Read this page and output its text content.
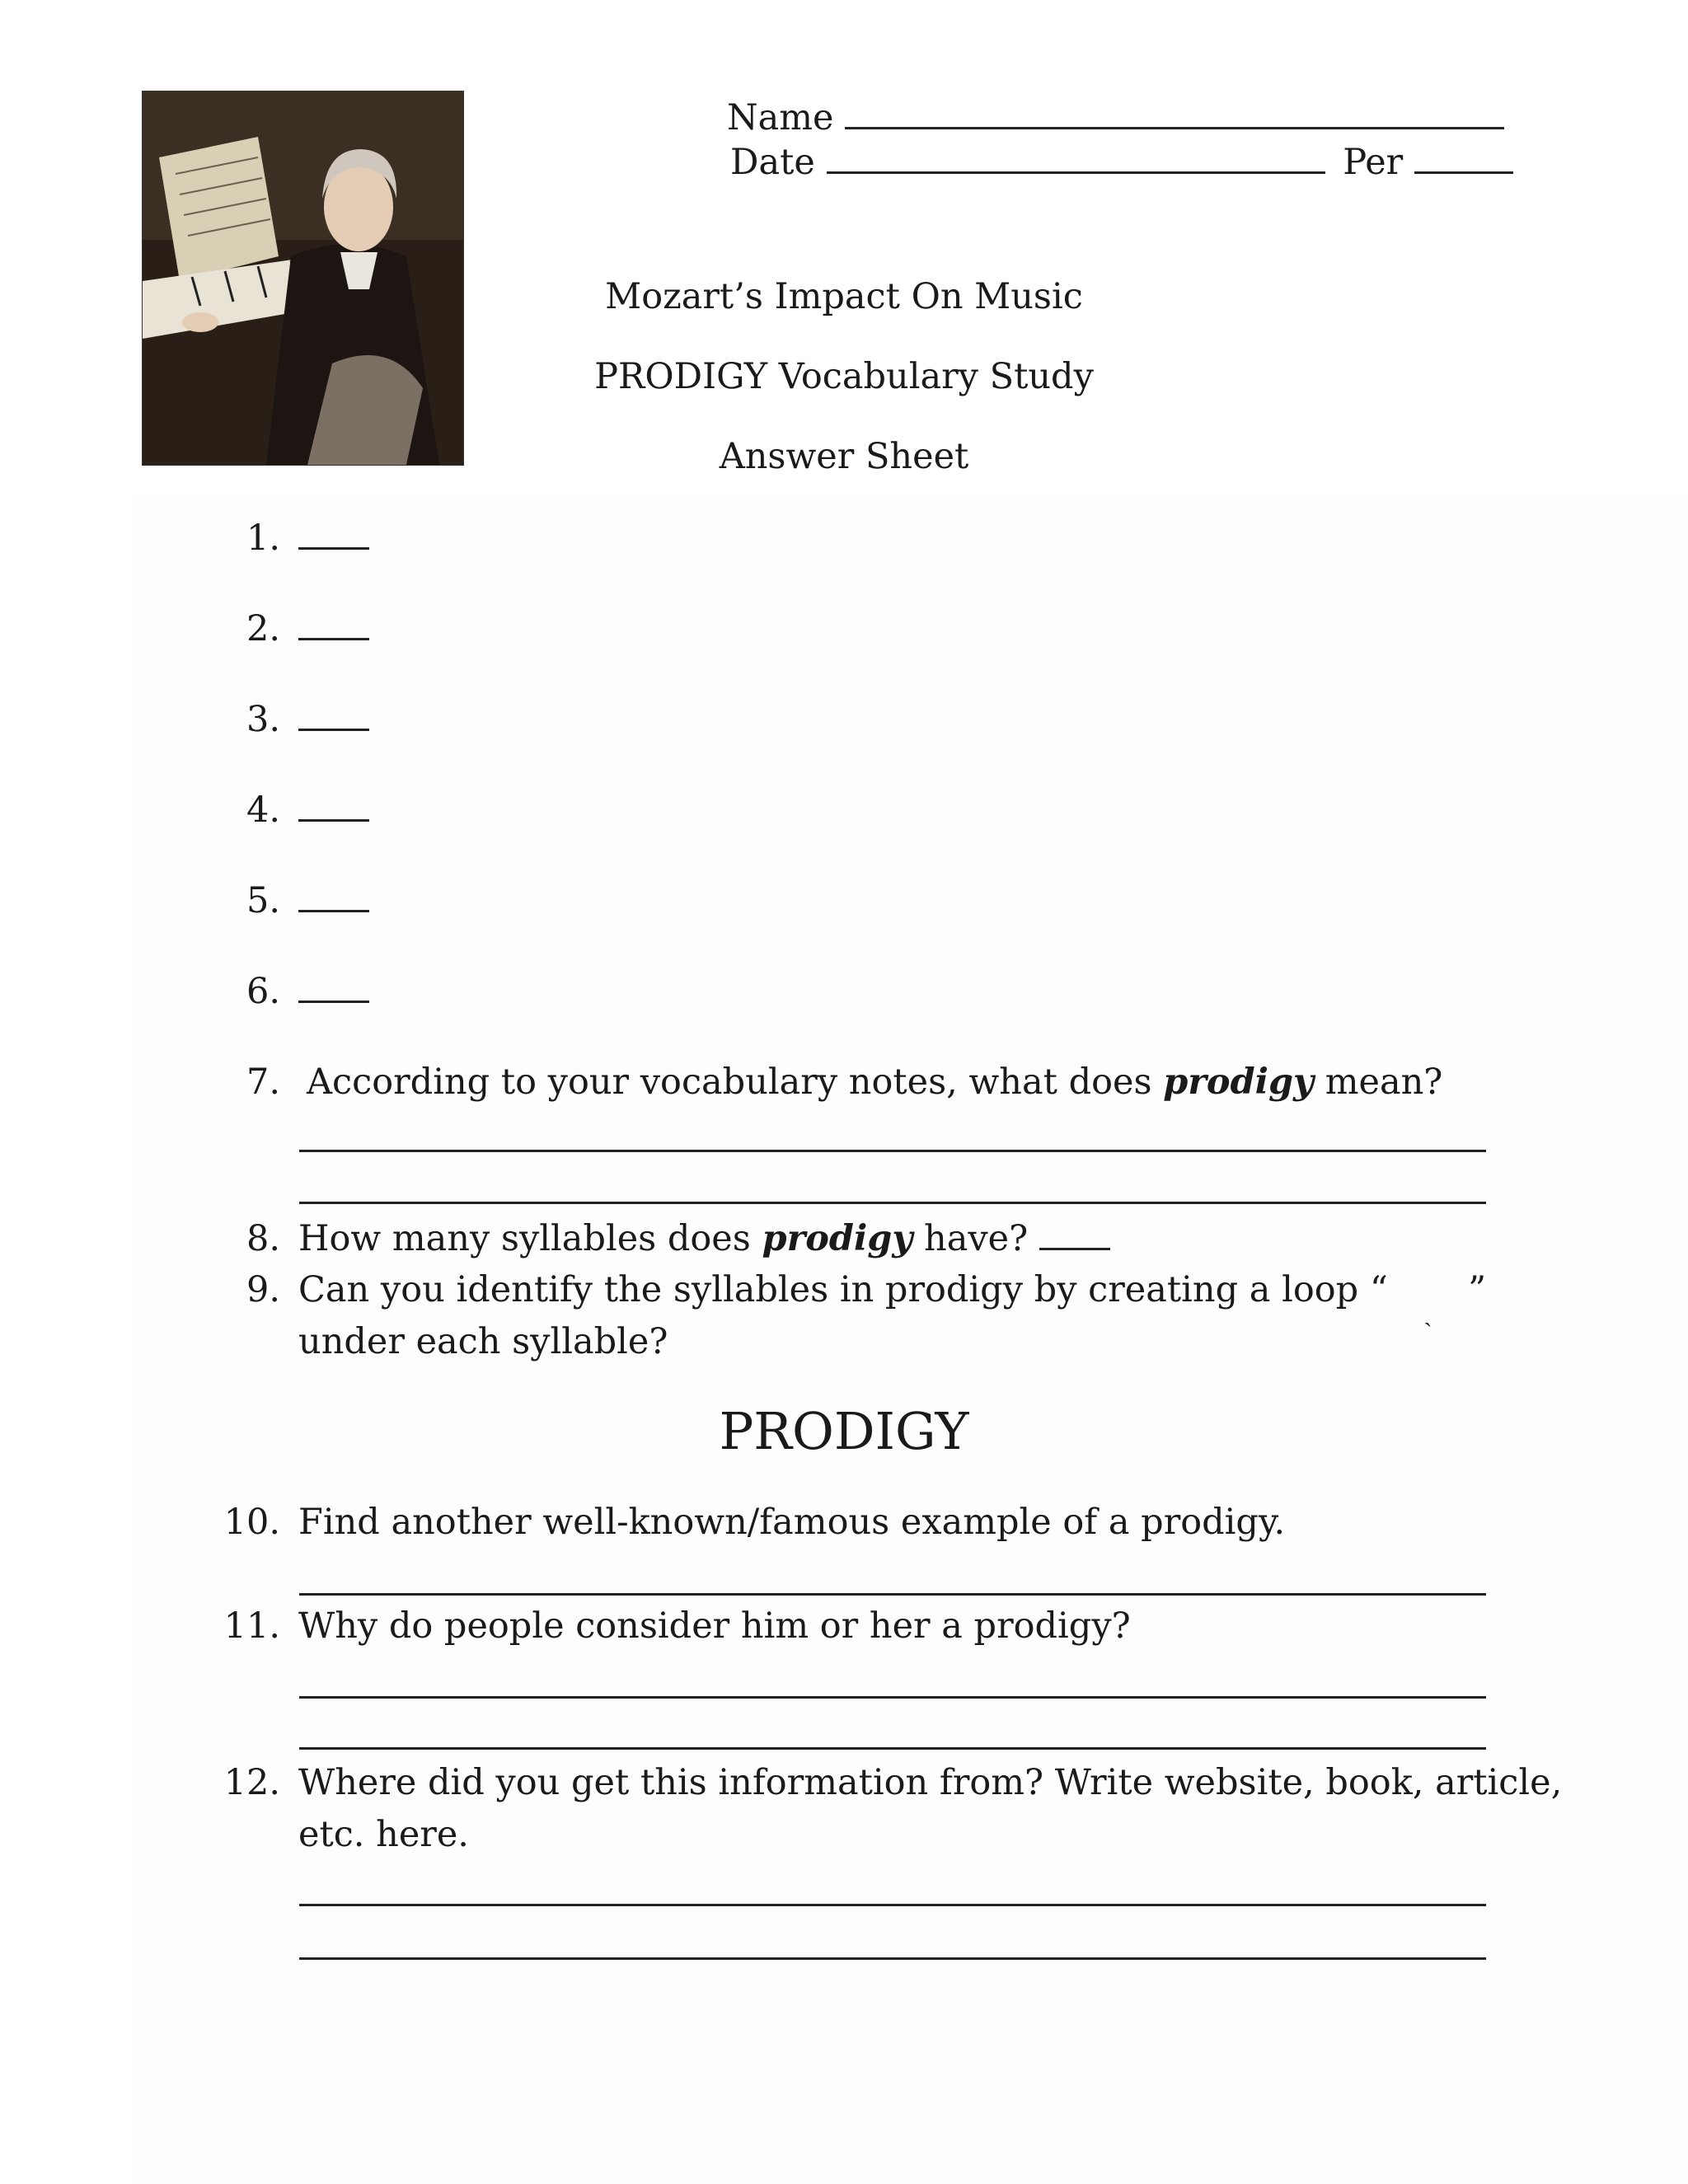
Name
Date	Per
Mozart’s Impact On Music
PRODIGY Vocabulary Study
Answer Sheet
1.
2.
3.
4.
5.
6.
7. According to your vocabulary notes, what does prodigy mean?
8. How many syllables does prodigy have?
9. Can you identify the syllables in prodigy by creating a loop “ ˎ ”
under each syllable?
PRODIGY
10. Find another well-known/famous example of a prodigy.
11. Why do people consider him or her a prodigy?
12. Where did you get this information from? Write website, book, article,
etc. here.
